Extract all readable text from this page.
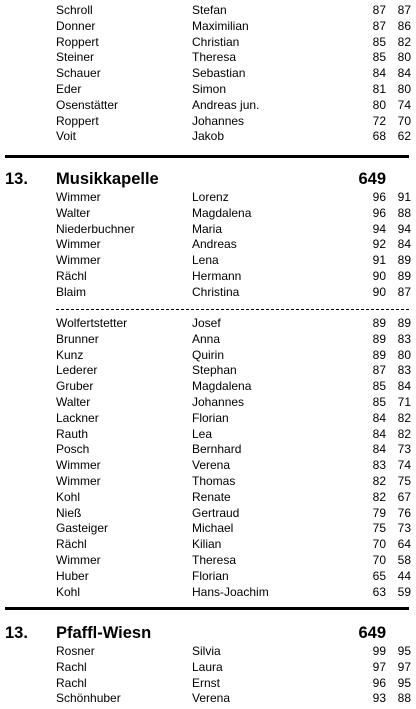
Schroll	Stefan	87 87
Donner	Maximilian	87 86
Roppert	Christian	85 82
Steiner	Theresa	85 80
Schauer	Sebastian	84 84
Eder	Simon	81 80
Osenstätter	Andreas jun.	80 74
Roppert	Johannes	72 70
Voit	Jakob	68 62
13. Musikkapelle	649
Wimmer	Lorenz	96 91
Walter	Magdalena	96 88
Niederbuchner	Maria	94 94
Wimmer	Andreas	92 84
Wimmer	Lena	91 89
Rächl	Hermann	90 89
Blaim	Christina	90 87
Wolfertstetter	Josef	89 89
Brunner	Anna	89 83
Kunz	Quirin	89 80
Lederer	Stephan	87 83
Gruber	Magdalena	85 84
Walter	Johannes	85 71
Lackner	Florian	84 82
Rauth	Lea	84 82
Posch	Bernhard	84 73
Wimmer	Verena	83 74
Wimmer	Thomas	82 75
Kohl	Renate	82 67
Nieß	Gertraud	79 76
Gasteiger	Michael	75 73
Rächl	Kilian	70 64
Wimmer	Theresa	70 58
Huber	Florian	65 44
Kohl	Hans-Joachim	63 59
13. Pfaffl-Wiesn	649
Rosner	Silvia	99 95
Rachl	Laura	97 97
Rachl	Ernst	96 95
Schönhuber	Verena	93 88
